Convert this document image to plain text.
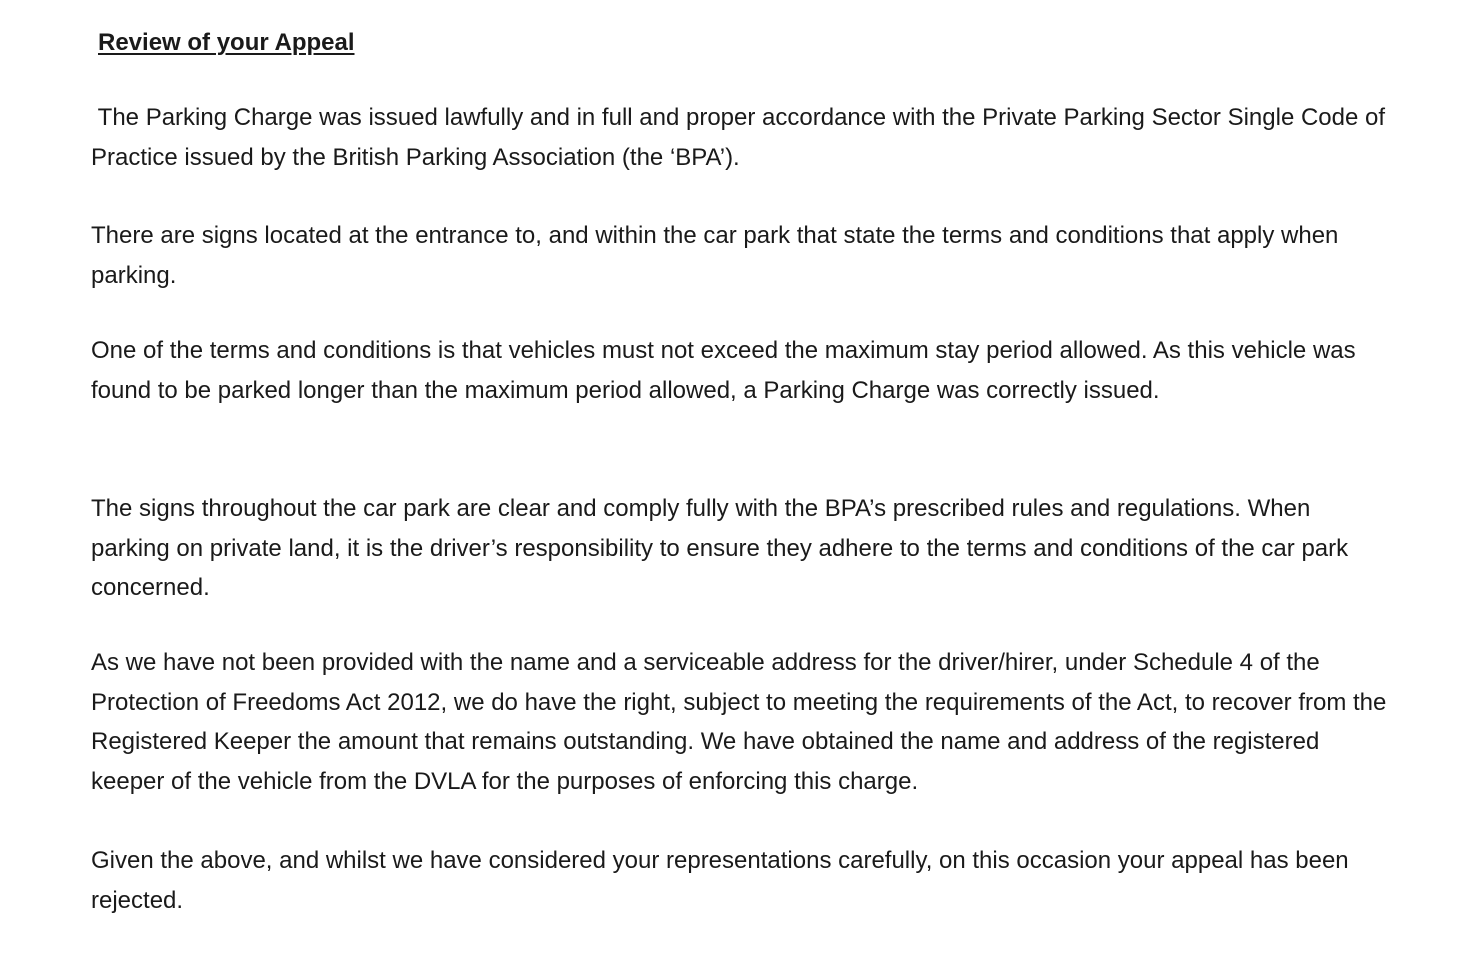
Review of your Appeal

The Parking Charge was issued lawfully and in full and proper accordance with the Private Parking Sector Single Code of Practice issued by the British Parking Association (the ‘BPA’).

There are signs located at the entrance to, and within the car park that state the terms and conditions that apply when parking.

One of the terms and conditions is that vehicles must not exceed the maximum stay period allowed. As this vehicle was found to be parked longer than the maximum period allowed, a Parking Charge was correctly issued.

The signs throughout the car park are clear and comply fully with the BPA’s prescribed rules and regulations. When parking on private land, it is the driver’s responsibility to ensure they adhere to the terms and conditions of the car park concerned.

As we have not been provided with the name and a serviceable address for the driver/hirer, under Schedule 4 of the Protection of Freedoms Act 2012, we do have the right, subject to meeting the requirements of the Act, to recover from the Registered Keeper the amount that remains outstanding. We have obtained the name and address of the registered keeper of the vehicle from the DVLA for the purposes of enforcing this charge.

Given the above, and whilst we have considered your representations carefully, on this occasion your appeal has been rejected.
